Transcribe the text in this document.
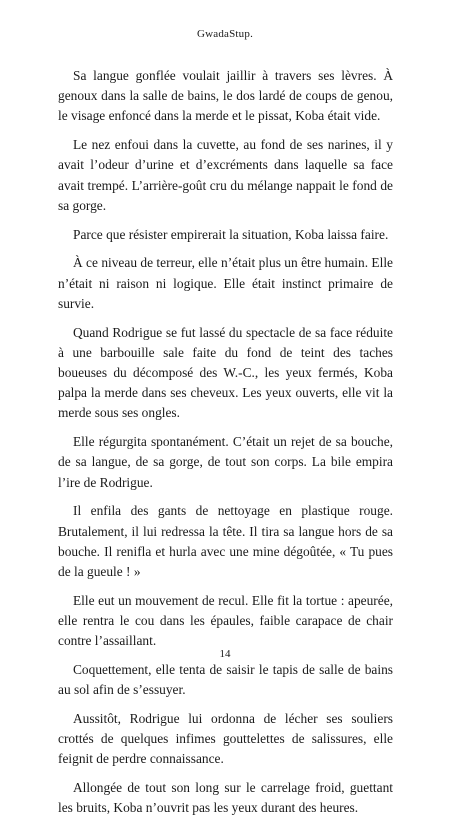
GwadaStup.

Sa langue gonflée voulait jaillir à travers ses lèvres. À genoux dans la salle de bains, le dos lardé de coups de genou, le visage enfoncé dans la merde et le pissat, Koba était vide.

Le nez enfoui dans la cuvette, au fond de ses narines, il y avait l’odeur d’urine et d’excréments dans laquelle sa face avait trempé. L’arrière-goût cru du mélange nappait le fond de sa gorge.

Parce que résister empirerait la situation, Koba laissa faire.

À ce niveau de terreur, elle n’était plus un être humain. Elle n’était ni raison ni logique. Elle était instinct primaire de survie.

Quand Rodrigue se fut lassé du spectacle de sa face réduite à une barbouille sale faite du fond de teint des taches boueuses du décomposé des W.-C., les yeux fermés, Koba palpa la merde dans ses cheveux. Les yeux ouverts, elle vit la merde sous ses ongles.

Elle régurgita spontanément. C’était un rejet de sa bouche, de sa langue, de sa gorge, de tout son corps. La bile empira l’ire de Rodrigue.

Il enfila des gants de nettoyage en plastique rouge. Brutalement, il lui redressa la tête. Il tira sa langue hors de sa bouche. Il renifla et hurla avec une mine dégoûtée, « Tu pues de la gueule ! »

Elle eut un mouvement de recul. Elle fit la tortue : apeurée, elle rentra le cou dans les épaules, faible carapace de chair contre l’assaillant.

Coquettement, elle tenta de saisir le tapis de salle de bains au sol afin de s’essuyer.

Aussitôt, Rodrigue lui ordonna de lécher ses souliers crottés de quelques infimes gouttelettes de salissures, elle feignit de perdre connaissance.

Allongée de tout son long sur le carrelage froid, guettant les bruits, Koba n’ouvrit pas les yeux durant des heures.

14
